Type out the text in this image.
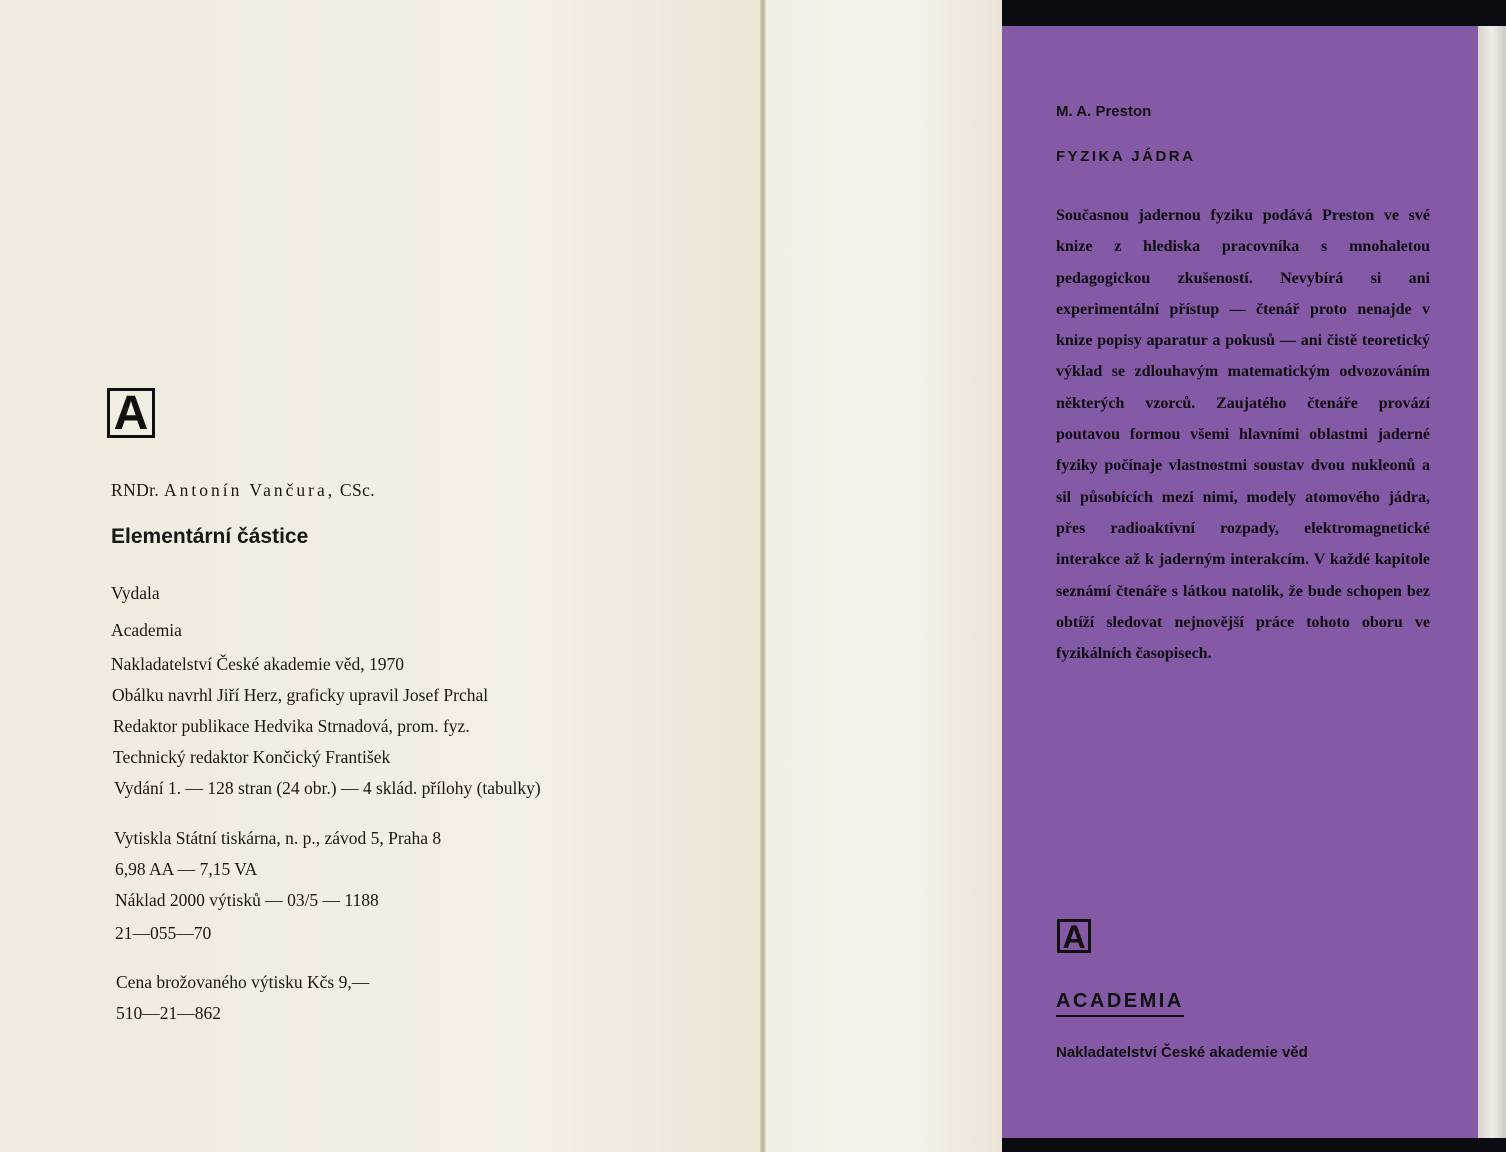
A

RNDr. Antonín Vančura, CSc.

Elementární částice

Vydala

Academia

Nakladatelství České akademie věd, 1970

Obálku navrhl Jiří Herz, graficky upravil Josef Prchal

Redaktor publikace Hedvika Strnadová, prom. fyz.

Technický redaktor Končický František

Vydání 1. — 128 stran (24 obr.) — 4 sklád. přílohy (tabulky)

Vytiskla Státní tiskárna, n. p., závod 5, Praha 8

6,98 AA — 7,15 VA

Náklad 2000 výtisků — 03/5 — 1188

21—055—70

Cena brožovaného výtisku Kčs 9,—

510—21—862

M. A. Preston

FYZIKA JÁDRA

Současnou jadernou fyziku podává Preston ve své knize z hlediska pracovníka s mnohaletou pedagogickou zkušeností. Nevybírá si ani experimentální přístup — čtenář proto nenajde v knize popisy aparatur a pokusů — ani čistě teoretický výklad se zdlouhavým matematickým odvozováním některých vzorců. Zaujatého čtenáře provází poutavou formou všemi hlavními oblastmi jaderné fyziky počínaje vlastnostmi soustav dvou nukleonů a sil působících mezi nimi, modely atomového jádra, přes radioaktivní rozpady, elektromagnetické interakce až k jaderným interakcím. V každé kapitole seznámí čtenáře s látkou natolik, že bude schopen bez obtíží sledovat nejnovější práce tohoto oboru ve fyzikálních časopisech.

A

ACADEMIA

Nakladatelství České akademie věd
